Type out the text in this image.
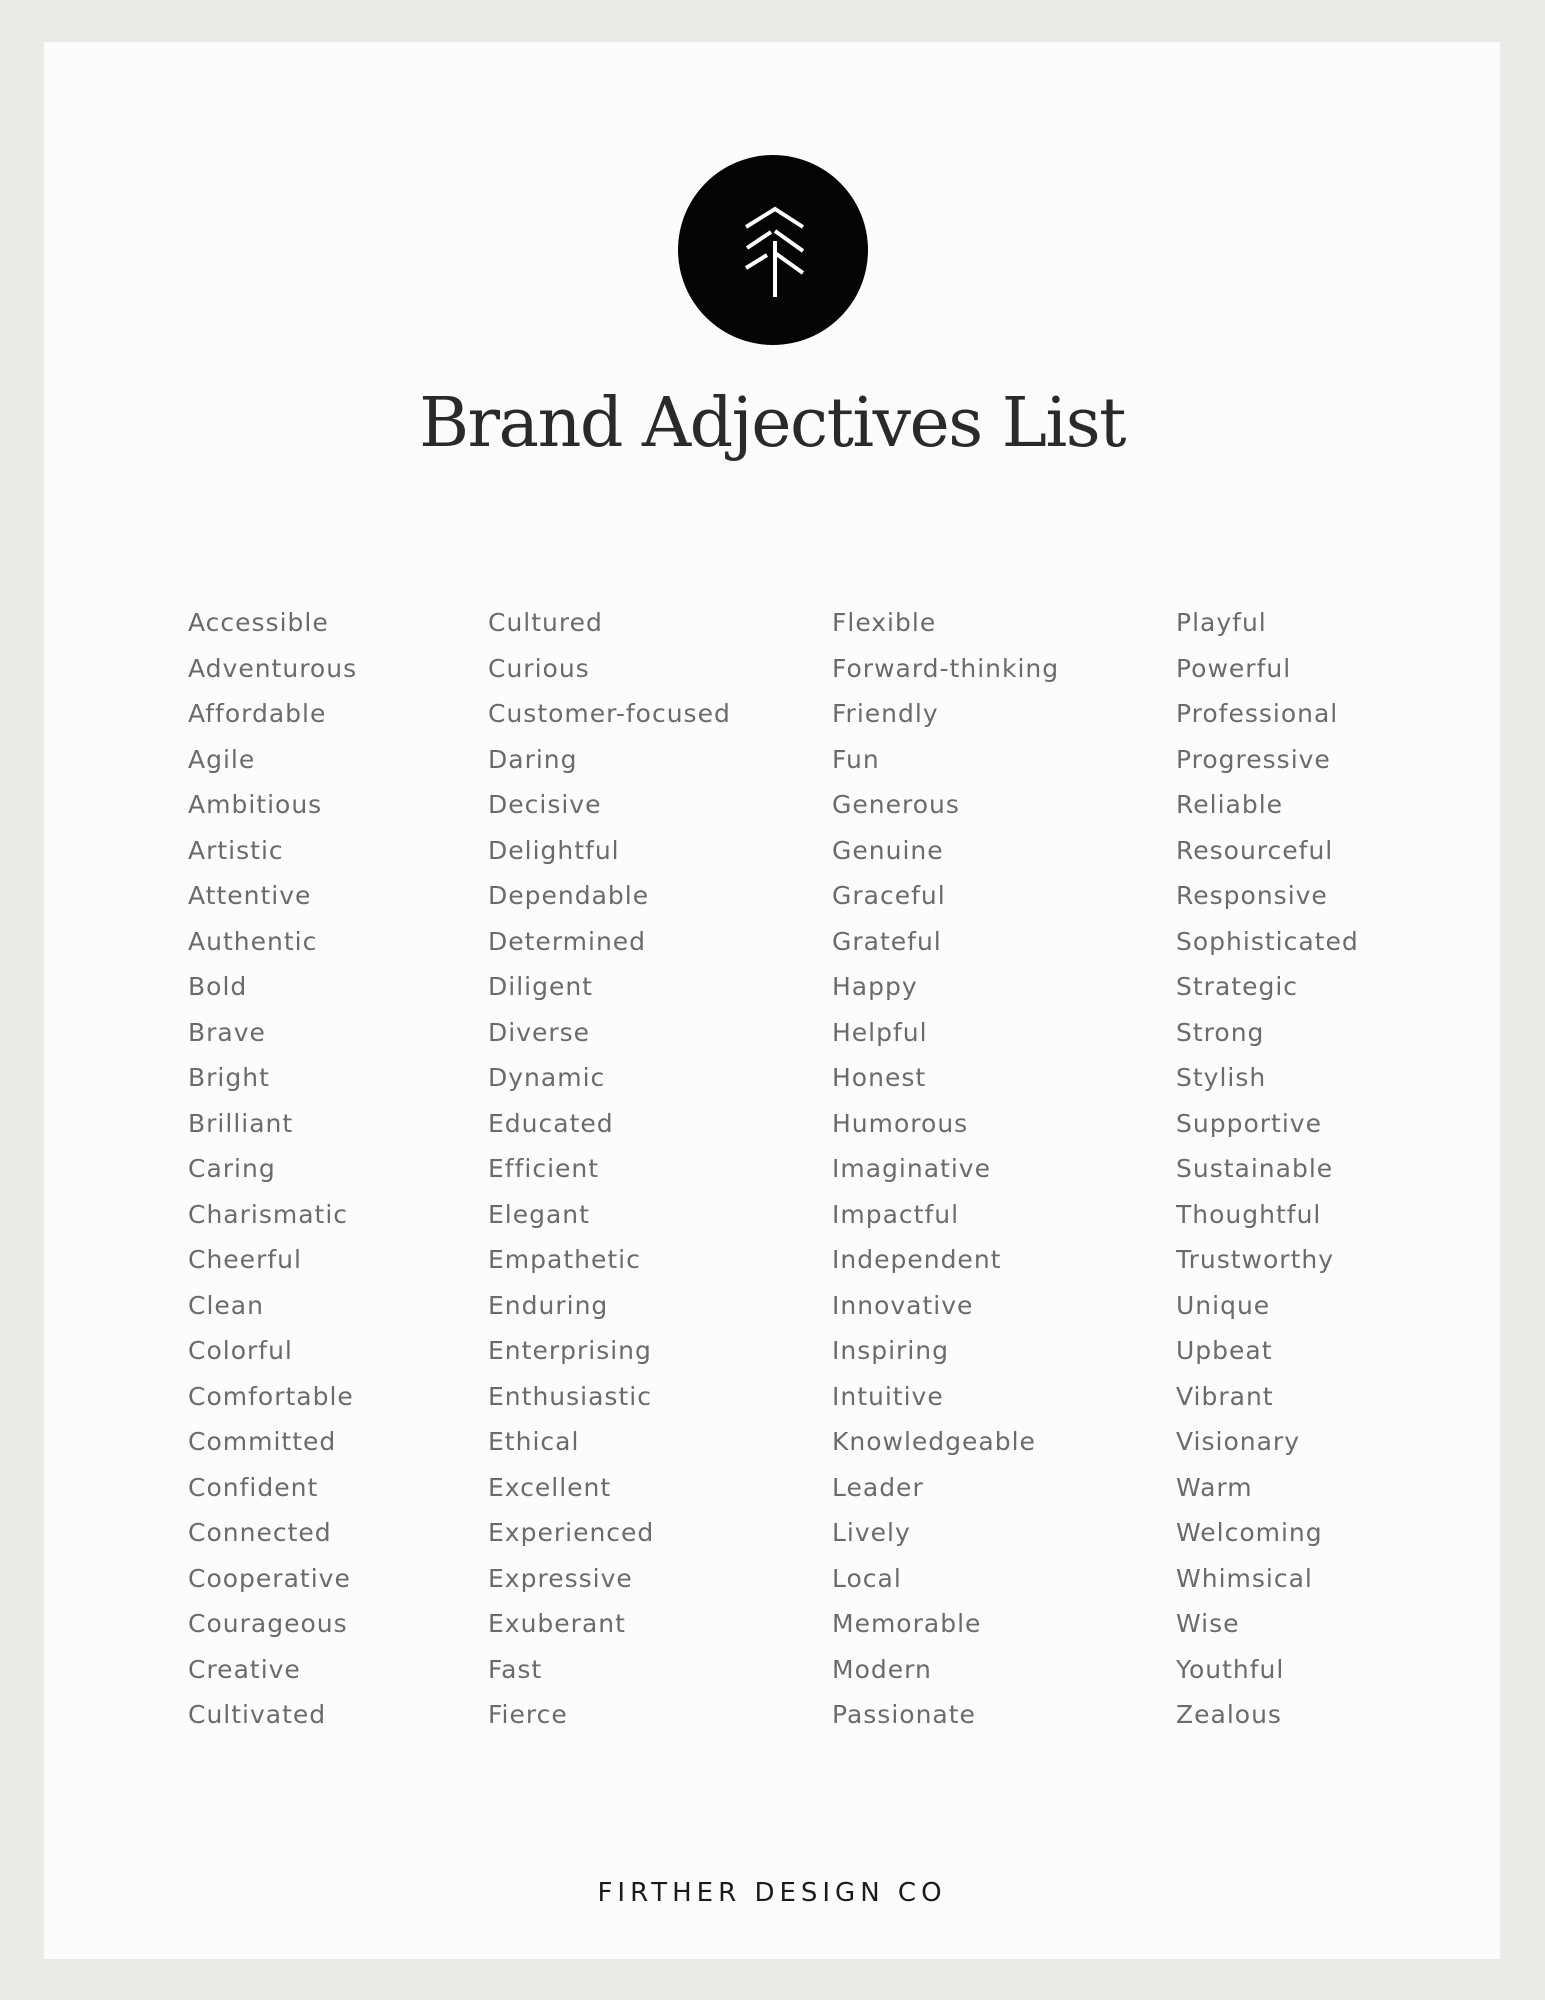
Brand Adjectives List
Accessible
Adventurous
Affordable
Agile
Ambitious
Artistic
Attentive
Authentic
Bold
Brave
Bright
Brilliant
Caring
Charismatic
Cheerful
Clean
Colorful
Comfortable
Committed
Confident
Connected
Cooperative
Courageous
Creative
Cultivated
Cultured
Curious
Customer-focused
Daring
Decisive
Delightful
Dependable
Determined
Diligent
Diverse
Dynamic
Educated
Efficient
Elegant
Empathetic
Enduring
Enterprising
Enthusiastic
Ethical
Excellent
Experienced
Expressive
Exuberant
Fast
Fierce
Flexible
Forward-thinking
Friendly
Fun
Generous
Genuine
Graceful
Grateful
Happy
Helpful
Honest
Humorous
Imaginative
Impactful
Independent
Innovative
Inspiring
Intuitive
Knowledgeable
Leader
Lively
Local
Memorable
Modern
Passionate
Playful
Powerful
Professional
Progressive
Reliable
Resourceful
Responsive
Sophisticated
Strategic
Strong
Stylish
Supportive
Sustainable
Thoughtful
Trustworthy
Unique
Upbeat
Vibrant
Visionary
Warm
Welcoming
Whimsical
Wise
Youthful
Zealous
FIRTHER DESIGN CO
